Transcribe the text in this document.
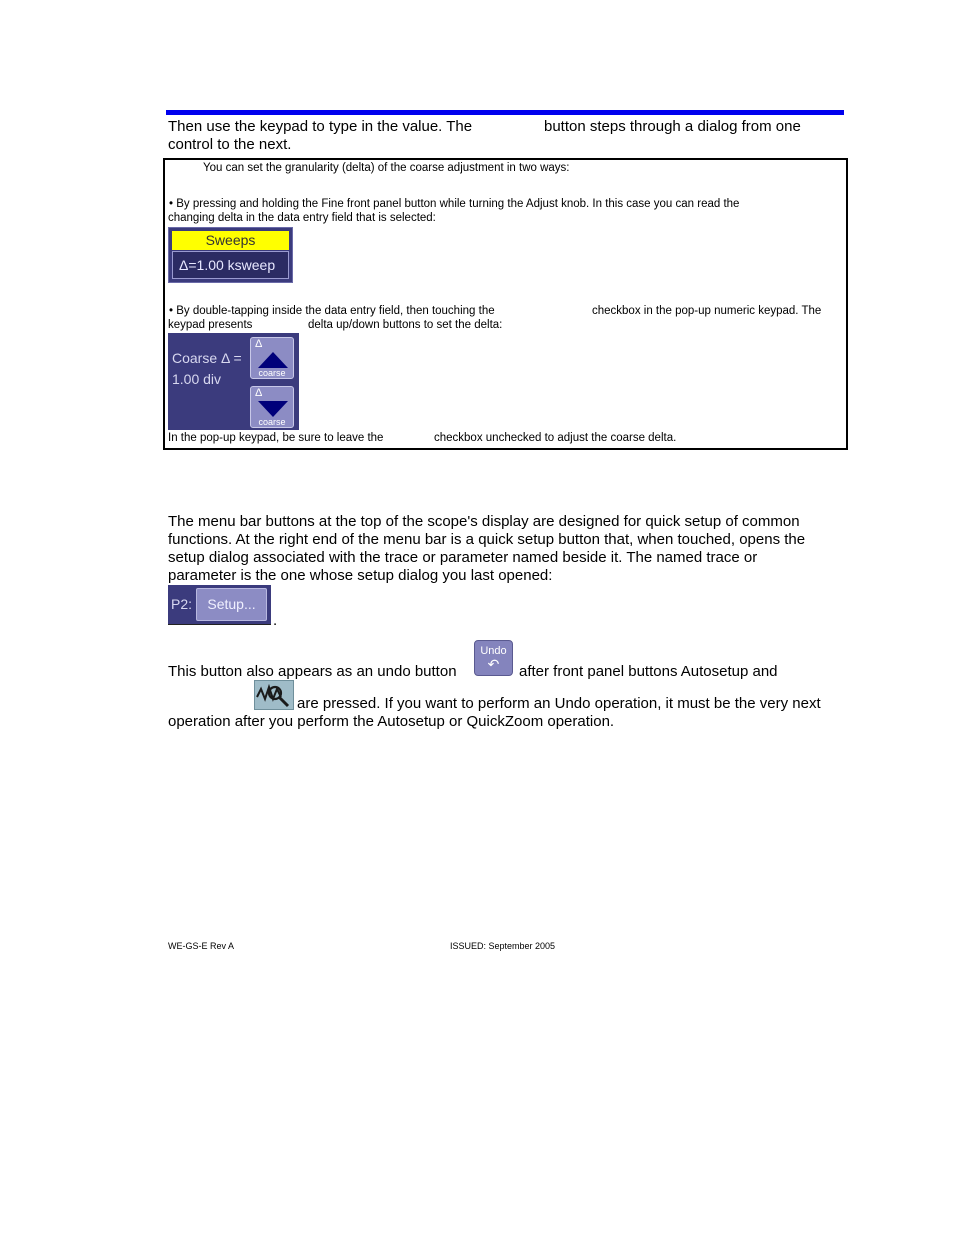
Then use the keypad to type in the value. The	button steps through a dialog from one
control to the next.
You can set the granularity (delta) of the coarse adjustment in two ways:
• By pressing and holding the Fine front panel button while turning the Adjust knob. In this case you can read the
changing delta in the data entry field that is selected:
Sweeps
Δ=1.00 ksweep
• By double-tapping inside the data entry field, then touching the	checkbox in the pop-up numeric keypad. The
keypad presents	delta up/down buttons to set the delta:
Coarse Δ =
1.00 div
Δ
coarse
Δ
coarse
In the pop-up keypad, be sure to leave the	checkbox unchecked to adjust the coarse delta.
The menu bar buttons at the top of the scope's display are designed for quick setup of common
functions. At the right end of the menu bar is a quick setup button that, when touched, opens the
setup dialog associated with the trace or parameter named beside it. The named trace or
parameter is the one whose setup dialog you last opened:
P2:	Setup...
.
This button also appears as an undo button
Undo
↶	after front panel buttons Autosetup and
are pressed. If you want to perform an Undo operation, it must be the very next
operation after you perform the Autosetup or QuickZoom operation.
WE-GS-E Rev A	ISSUED: September 2005
